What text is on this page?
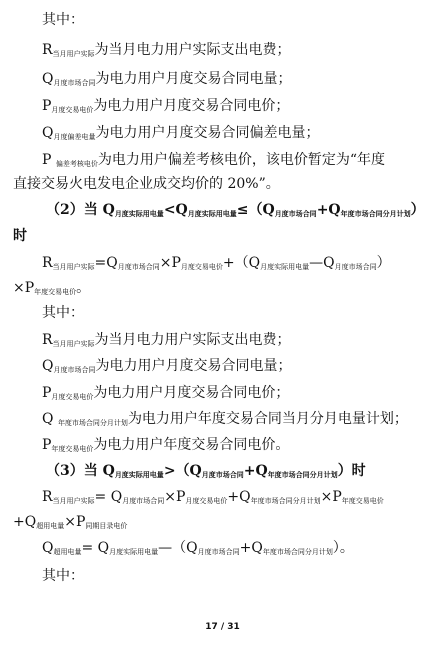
其中：
$R_{当月用户实际}$为当月电力用户实际支出电费；
$Q_{月度市场合同}$为电力用户月度交易合同电量；
$P_{月度交易电价}$为电力用户月度交易合同电价；
$Q_{月度偏差电量}$为电力用户月度交易合同偏差电量；
P $_{偏差考核电价}$为电力用户偏差考核电价，该电价暂定为“年度
直接交易火电发电企业成交均价的 20%”。
（2）当 $Q_{月度实际用电量}<Q_{月度实际用电量}\le(Q_{月度市场合同}+Q_{年度市场合同分月计划})$
时
$R_{当月用户实际}=Q_{月度市场合同}\times P_{月度交易电价}+(Q_{月度实际用电量}—Q_{月度市场合同})$
$\times P_{年度交易电价}$。
其中：
$R_{当月用户实际}$为当月电力用户实际支出电费；
$Q_{月度市场合同}$为电力用户月度交易合同电量；
$P_{月度交易电价}$为电力用户月度交易合同电价；
Q $_{年度市场合同分月计划}$为电力用户年度交易合同当月分月电量计划；
$P_{年度交易电价}$为电力用户年度交易合同电价。
（3）当 $Q_{月度实际用电量}>(Q_{月度市场合同}+Q_{年度市场合同分月计划})$时
$R_{当月用户实际}= Q_{月度市场合同}\times P_{月度交易电价}+Q_{年度市场合同分月计划}\times P_{年度交易电价}$
$+Q_{超用电量}\times P_{同期目录电价}$
$Q_{超用电量}=$ $Q_{月度实际用电量}—(Q_{月度市场合同}+Q_{年度市场合同分月计划})$。
其中：
17 / 31
